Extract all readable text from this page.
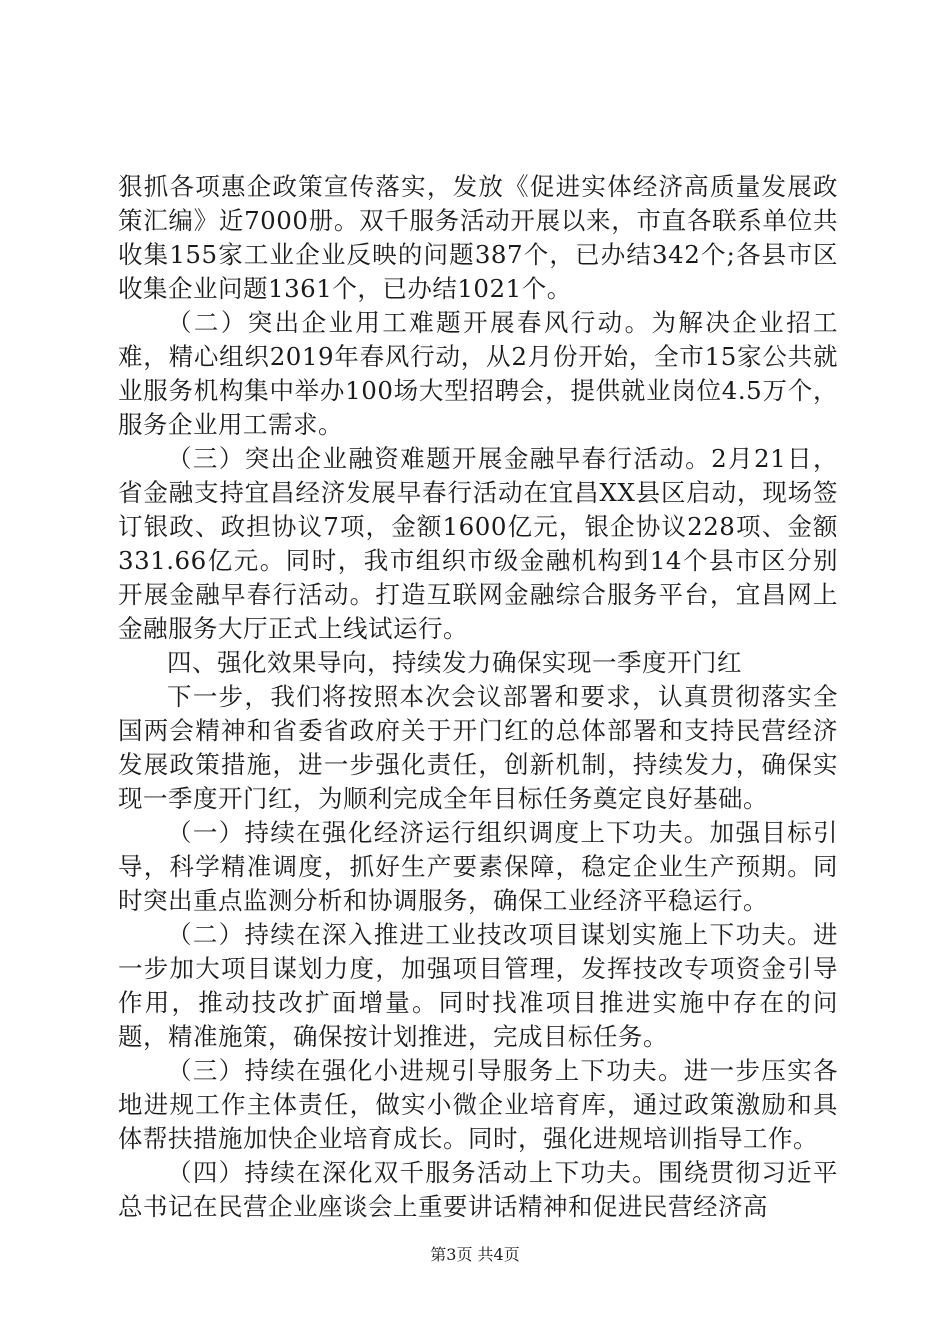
狠抓各项惠企政策宣传落实，发放《促进实体经济高质量发展政策汇编》近7000册。双千服务活动开展以来，市直各联系单位共收集155家工业企业反映的问题387个，已办结342个;各县市区收集企业问题1361个，已办结1021个。

（二）突出企业用工难题开展春风行动。为解决企业招工难，精心组织2019年春风行动，从2月份开始，全市15家公共就业服务机构集中举办100场大型招聘会，提供就业岗位4.5万个，服务企业用工需求。

（三）突出企业融资难题开展金融早春行活动。2月21日，省金融支持宜昌经济发展早春行活动在宜昌XX县区启动，现场签订银政、政担协议7项，金额1600亿元，银企协议228项、金额331.66亿元。同时，我市组织市级金融机构到14个县市区分别开展金融早春行活动。打造互联网金融综合服务平台，宜昌网上金融服务大厅正式上线试运行。

四、强化效果导向，持续发力确保实现一季度开门红

下一步，我们将按照本次会议部署和要求，认真贯彻落实全国两会精神和省委省政府关于开门红的总体部署和支持民营经济发展政策措施，进一步强化责任，创新机制，持续发力，确保实现一季度开门红，为顺利完成全年目标任务奠定良好基础。

（一）持续在强化经济运行组织调度上下功夫。加强目标引导，科学精准调度，抓好生产要素保障，稳定企业生产预期。同时突出重点监测分析和协调服务，确保工业经济平稳运行。

（二）持续在深入推进工业技改项目谋划实施上下功夫。进一步加大项目谋划力度，加强项目管理，发挥技改专项资金引导作用，推动技改扩面增量。同时找准项目推进实施中存在的问题，精准施策，确保按计划推进，完成目标任务。

（三）持续在强化小进规引导服务上下功夫。进一步压实各地进规工作主体责任，做实小微企业培育库，通过政策激励和具体帮扶措施加快企业培育成长。同时，强化进规培训指导工作。

（四）持续在深化双千服务活动上下功夫。围绕贯彻习近平总书记在民营企业座谈会上重要讲话精神和促进民营经济高

第3页 共4页
